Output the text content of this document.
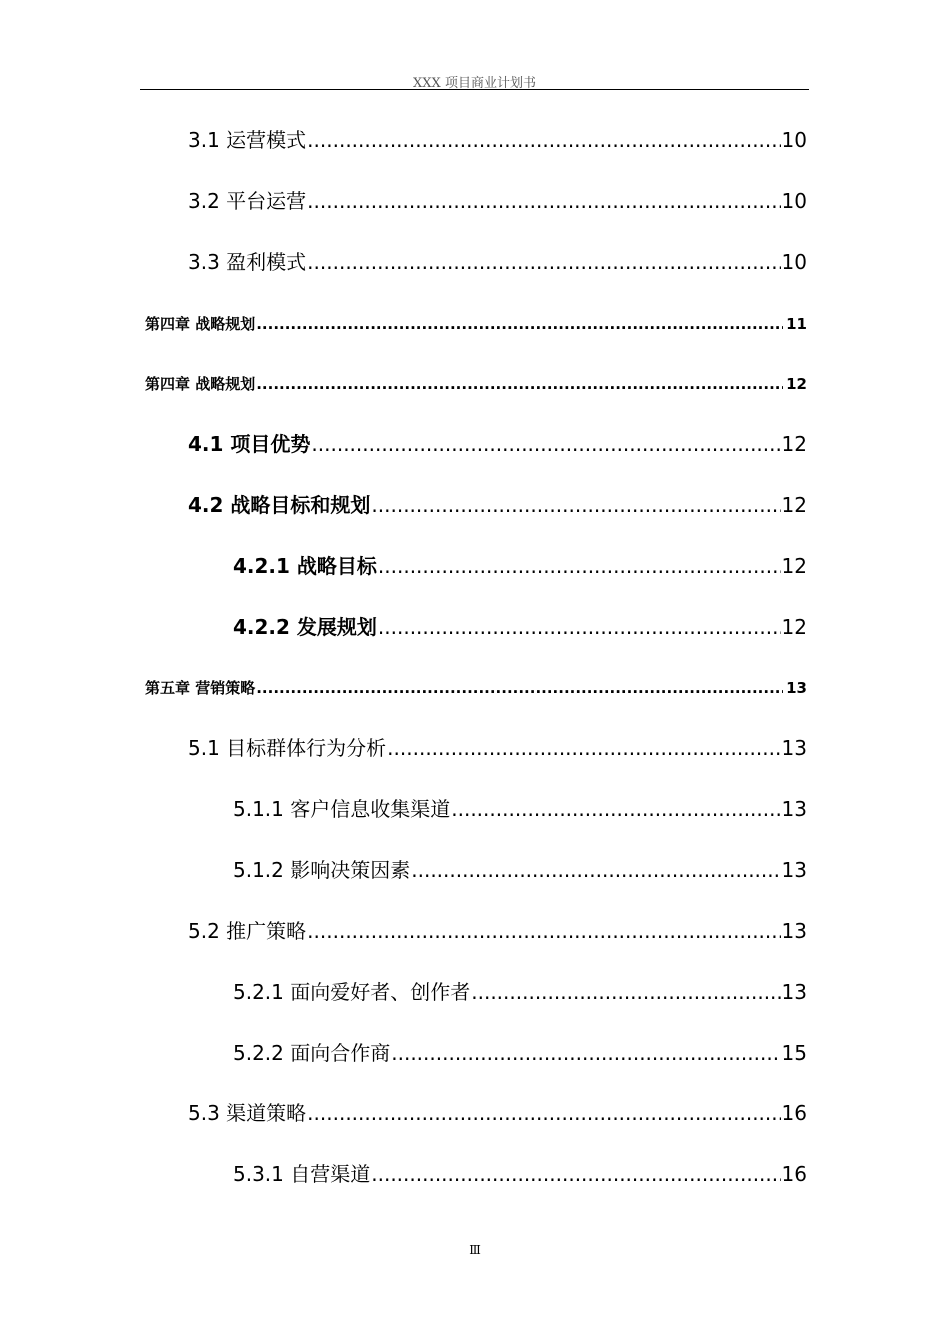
XXX 项目商业计划书
3.1 运营模式 .....	10
3.2 平台运营 .....	10
3.3 盈利模式 .....	10
第四章 战略规划 .....	11
第四章 战略规划 .....	12
4.1 项目优势 .....	12
4.2 战略目标和规划 .....	12
4.2.1 战略目标 .....	12
4.2.2 发展规划 .....	12
第五章 营销策略 .....	13
5.1 目标群体行为分析 .....	13
5.1.1 客户信息收集渠道 .....	13
5.1.2 影响决策因素 .....	13
5.2 推广策略 .....	13
5.2.1 面向爱好者、创作者 .....	13
5.2.2 面向合作商 .....	15
5.3 渠道策略 .....	16
5.3.1 自营渠道 .....	16
Ⅲ
